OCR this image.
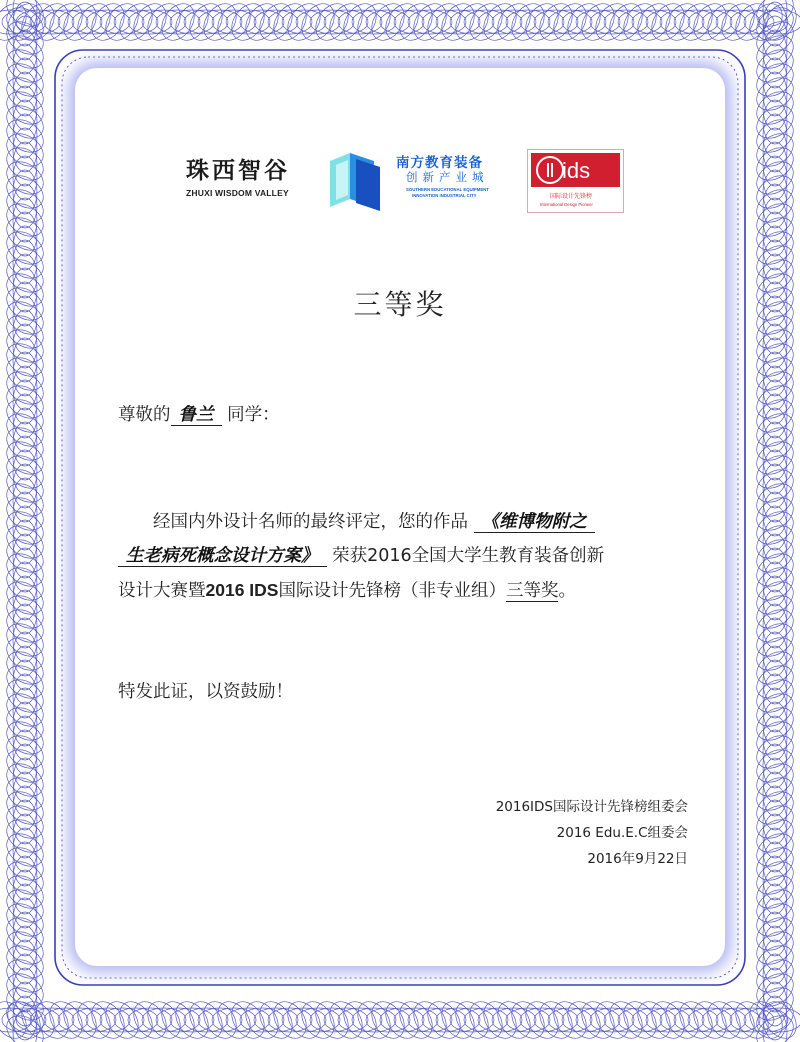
珠西智谷
ZHUXI WISDOM VALLEY
南方教育装备
创新产业城
SOUTHERN EDUCATIONAL EQUIPMENT
INNOVATION INDUSTRIAL CITY
ids
国际设计先锋榜
International Design Pioneer
三等奖
尊敬的 鲁兰 同学：
经国内外设计名师的最终评定，您的作品 《维博物附之
生老病死概念设计方案》 荣获2016全国大学生教育装备创新
设计大赛暨2016 IDS国际设计先锋榜（非专业组）三等奖。
特发此证，以资鼓励！
2016IDS国际设计先锋榜组委会
2016 Edu.E.C组委会
2016年9月22日
